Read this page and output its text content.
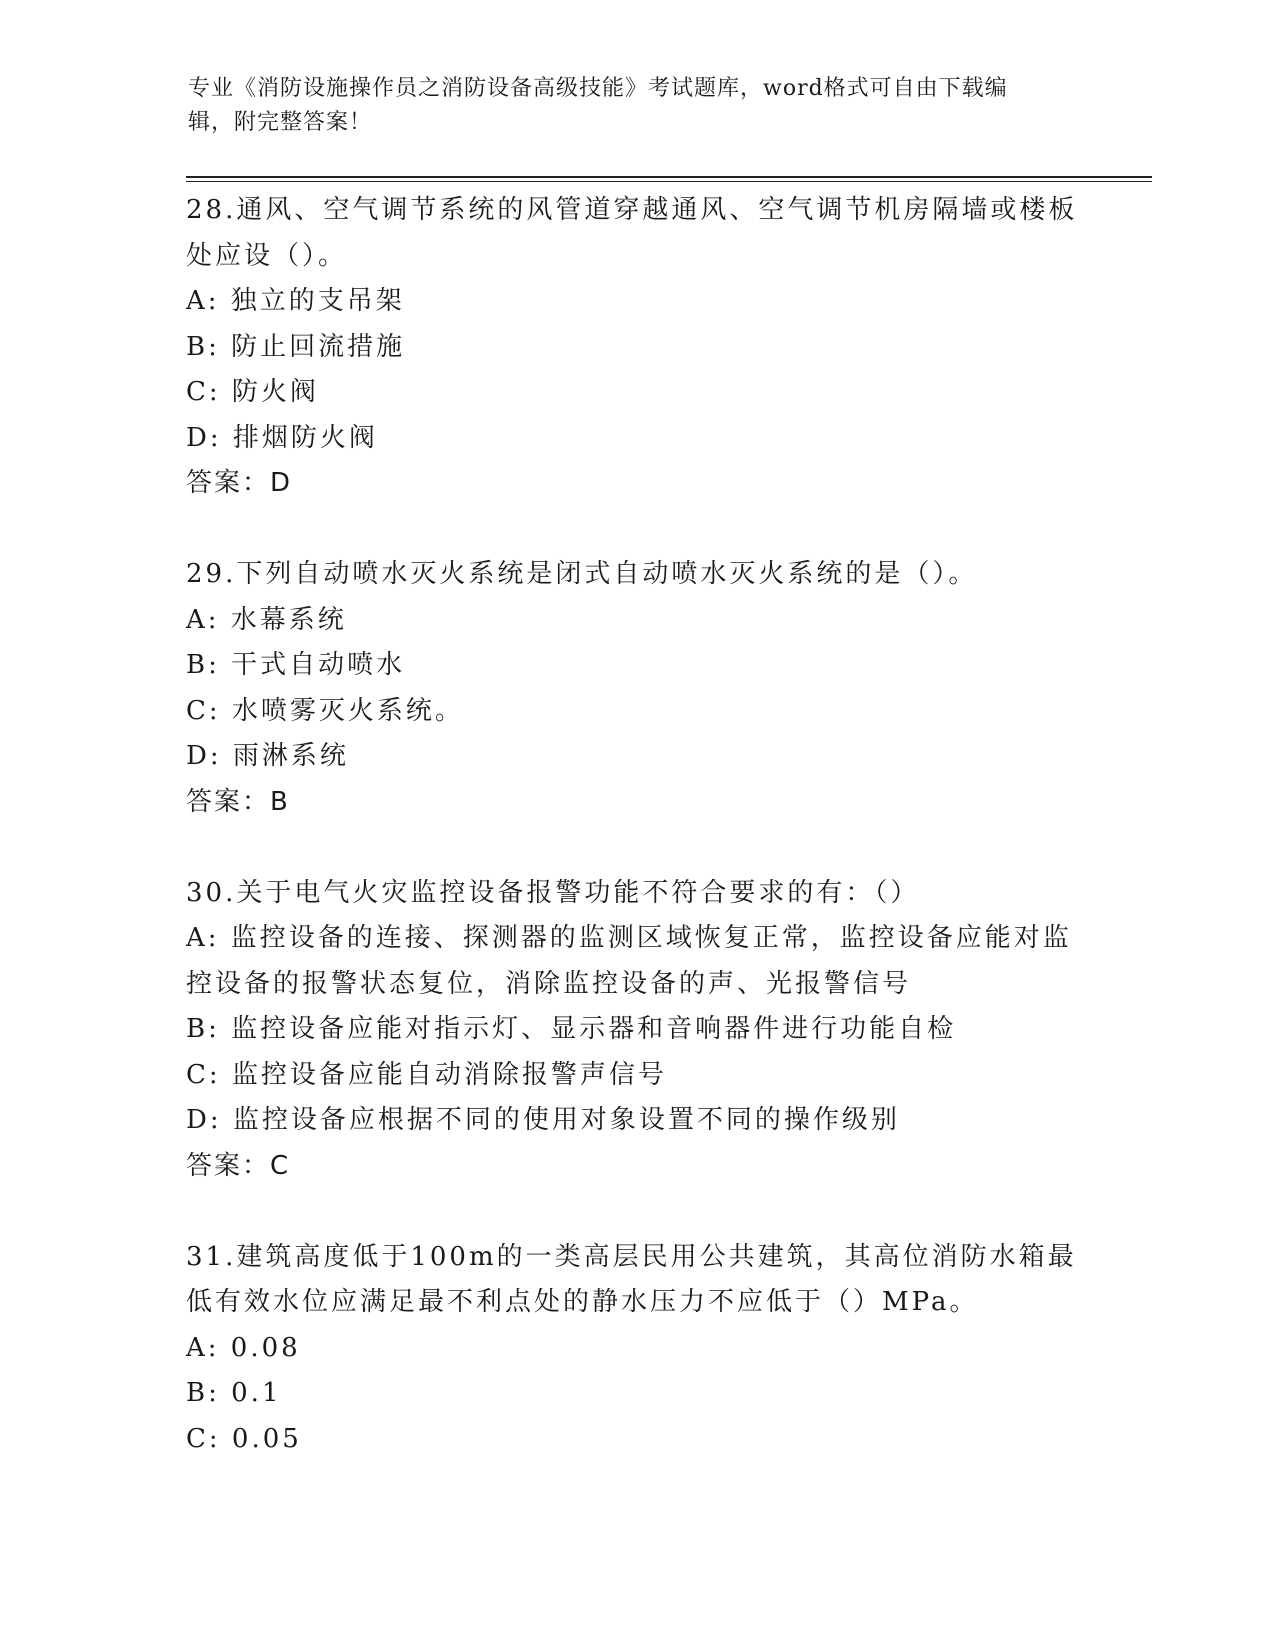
专业《消防设施操作员之消防设备高级技能》考试题库，word格式可自由下载编
辑，附完整答案！
28.通风、空气调节系统的风管道穿越通风、空气调节机房隔墙或楼板
处应设（）。
A: 独立的支吊架
B: 防止回流措施
C: 防火阀
D: 排烟防火阀
答案：D
29.下列自动喷水灭火系统是闭式自动喷水灭火系统的是（）。
A: 水幕系统
B: 干式自动喷水
C: 水喷雾灭火系统。
D: 雨淋系统
答案：B
30.关于电气火灾监控设备报警功能不符合要求的有：（）
A: 监控设备的连接、探测器的监测区域恢复正常，监控设备应能对监
控设备的报警状态复位，消除监控设备的声、光报警信号
B: 监控设备应能对指示灯、显示器和音响器件进行功能自检
C: 监控设备应能自动消除报警声信号
D: 监控设备应根据不同的使用对象设置不同的操作级别
答案：C
31.建筑高度低于100m的一类高层民用公共建筑，其高位消防水箱最
低有效水位应满足最不利点处的静水压力不应低于（）MPa。
A: 0.08
B: 0.1
C: 0.05
